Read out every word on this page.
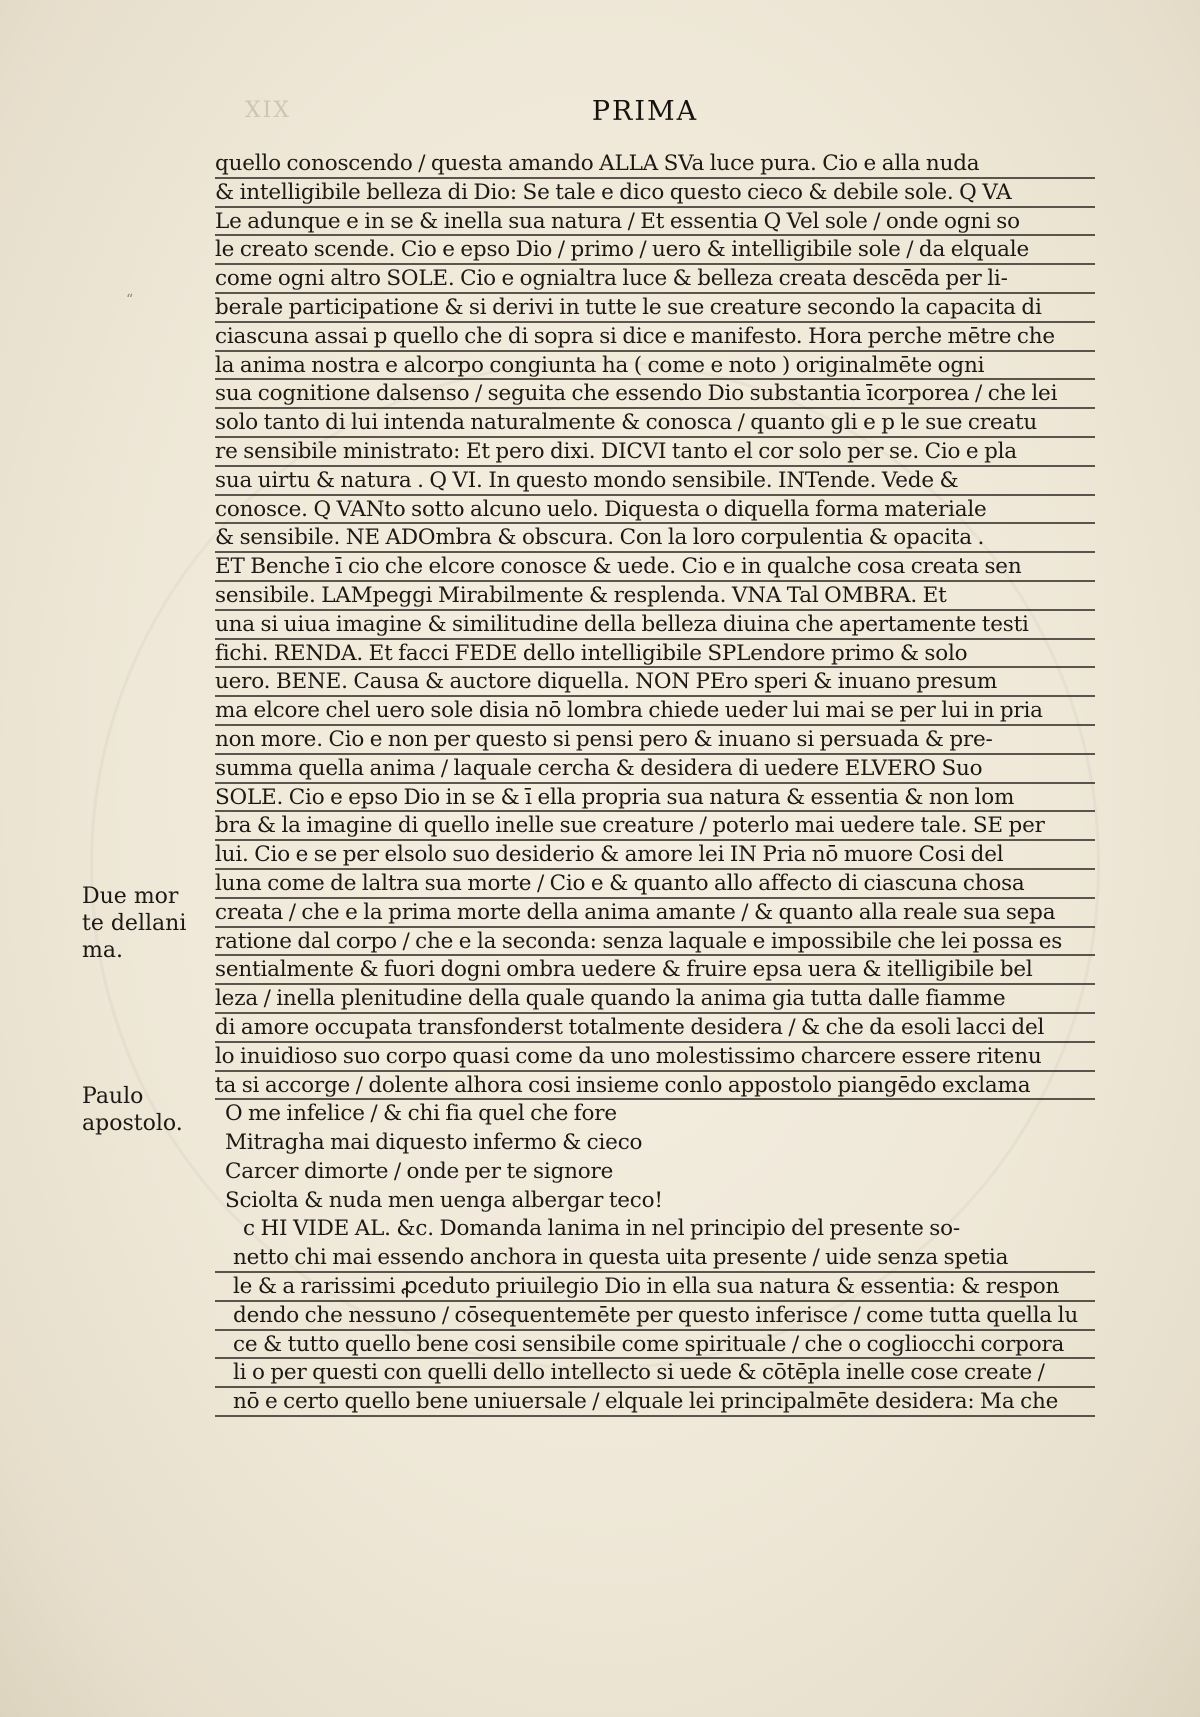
XIX	PRIMA
Due mor te dellani ma.
Paulo apostolo.
“
quello conoscendo / questa amando ALLA SVa luce pura. Cio e alla nuda
& intelligibile belleza di Dio: Se tale e dico questo cieco & debile sole. Q VA
Le adunque e in se & inella sua natura / Et essentia Q Vel sole / onde ogni so
le creato scende. Cio e epso Dio / primo / uero & intelligibile sole / da elquale
come ogni altro SOLE. Cio e ognialtra luce & belleza creata descēda per li-
berale participatione & si derivi in tutte le sue creature secondo la capacita di
ciascuna assai p quello che di sopra si dice e manifesto. Hora perche mētre che
la anima nostra e alcorpo congiunta ha ( come e noto ) originalmēte ogni
sua cognitione dalsenso / seguita che essendo Dio substantia īcorporea / che lei
solo tanto di lui intenda naturalmente & conosca / quanto gli e p le sue creatu
re sensibile ministrato: Et pero dixi. DICVI tanto el cor solo per se. Cio e pla
sua uirtu & natura . Q VI. In questo mondo sensibile. INTende. Vede &
conosce. Q VANto sotto alcuno uelo. Diquesta o diquella forma materiale
& sensibile. NE ADOmbra & obscura. Con la loro corpulentia & opacita .
ET Benche ī cio che elcore conosce & uede. Cio e in qualche cosa creata sen
sensibile. LAMpeggi Mirabilmente & resplenda. VNA Tal OMBRA. Et
una si uiua imagine & similitudine della belleza diuina che apertamente testi
fichi. RENDA. Et facci FEDE dello intelligibile SPLendore primo & solo
uero. BENE. Causa & auctore diquella. NON PEro speri & inuano presum
ma elcore chel uero sole disia nō lombra chiede ueder lui mai se per lui in pria
non more. Cio e non per questo si pensi pero & inuano si persuada & pre-
summa quella anima / laquale cercha & desidera di uedere ELVERO Suo
SOLE. Cio e epso Dio in se & ī ella propria sua natura & essentia & non lom
bra & la imagine di quello inelle sue creature / poterlo mai uedere tale. SE per
lui. Cio e se per elsolo suo desiderio & amore lei IN Pria nō muore Cosi del
luna come de laltra sua morte / Cio e & quanto allo affecto di ciascuna chosa
creata / che e la prima morte della anima amante / & quanto alla reale sua sepa
ratione dal corpo / che e la seconda: senza laquale e impossibile che lei possa es
sentialmente & fuori dogni ombra uedere & fruire epsa uera & itelligibile bel
leza / inella plenitudine della quale quando la anima gia tutta dalle fiamme
di amore occupata transfonderst totalmente desidera / & che da esoli lacci del
lo inuidioso suo corpo quasi come da uno molestissimo charcere essere ritenu
ta si accorge / dolente alhora cosi insieme conlo appostolo piangēdo exclama
O me infelice / & chi fia quel che fore
Mitragha mai diquesto infermo & cieco
Carcer dimorte / onde per te signore
Sciolta & nuda men uenga albergar teco!
c HI VIDE AL. &c. Domanda lanima in nel principio del presente so-
netto chi mai essendo anchora in questa uita presente / uide senza spetia
le & a rarissimi ꝓceduto priuilegio Dio in ella sua natura & essentia: & respon
dendo che nessuno / cōsequentemēte per questo inferisce / come tutta quella lu
ce & tutto quello bene cosi sensibile come spirituale / che o cogliocchi corpora
li o per questi con quelli dello intellecto si uede & cōtēpla inelle cose create /
nō e certo quello bene uniuersale / elquale lei principalmēte desidera: Ma che
